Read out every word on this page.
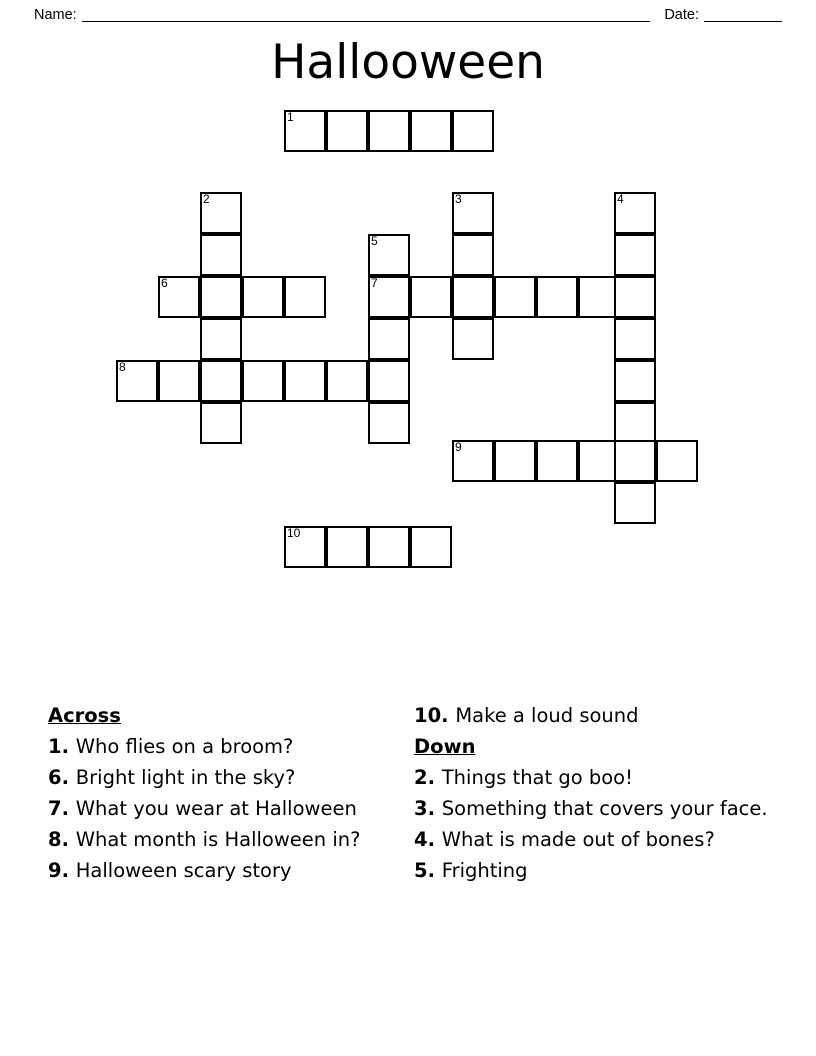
Name:	Date:
Hallooween
1
2	3	4
5
6	7
8
9
10
Across
1. Who flies on a broom?
6. Bright light in the sky?
7. What you wear at Halloween
8. What month is Halloween in?
9. Halloween scary story
10. Make a loud sound
Down
2. Things that go boo!
3. Something that covers your face.
4. What is made out of bones?
5. Frighting
